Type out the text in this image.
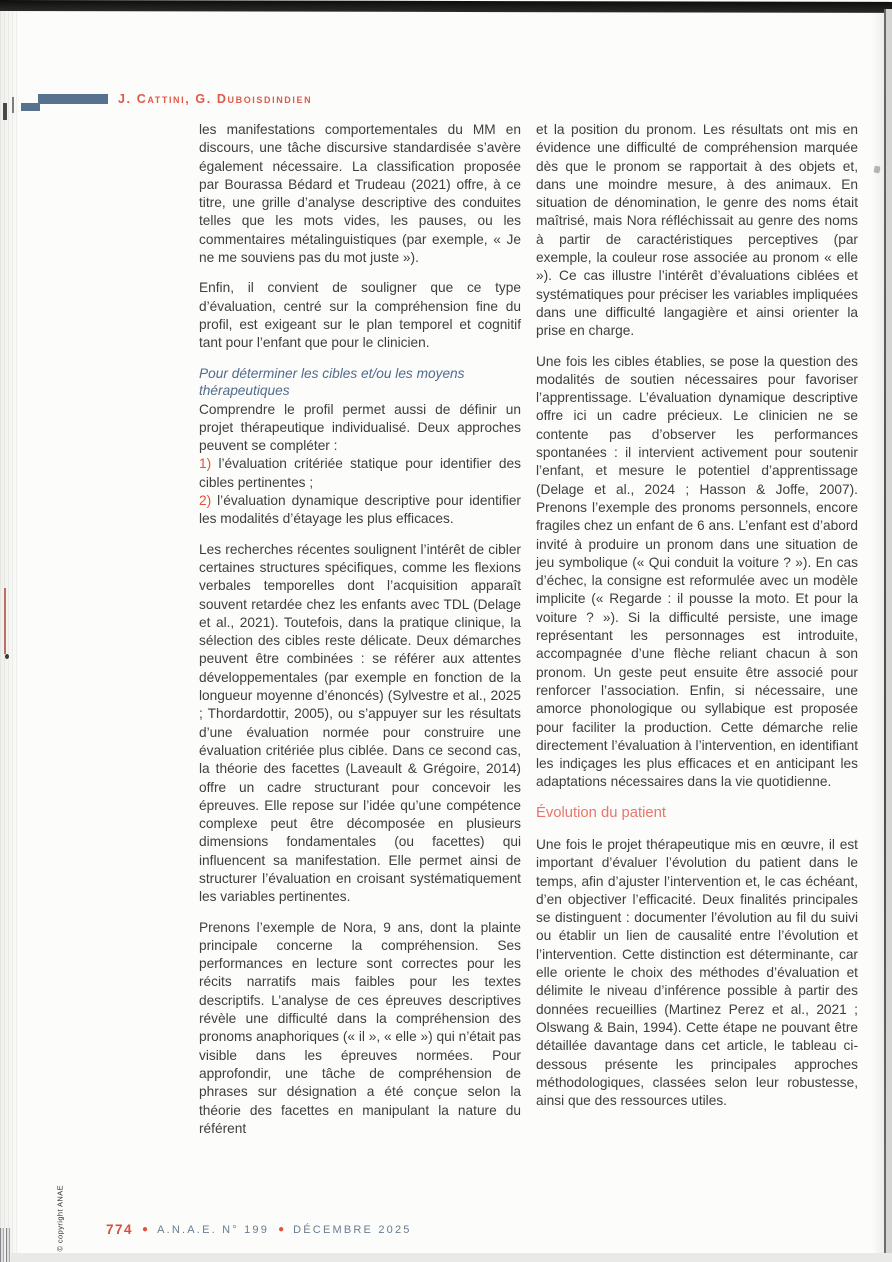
J. Cattini, G. Duboisdindien
les manifestations comportementales du MM en discours, une tâche discursive standardisée s’avère également nécessaire. La classification proposée par Bourassa Bédard et Trudeau (2021) offre, à ce titre, une grille d’analyse descriptive des conduites telles que les mots vides, les pauses, ou les commentaires métalinguistiques (par exemple, « Je ne me souviens pas du mot juste »).
Enfin, il convient de souligner que ce type d’évaluation, centré sur la compréhension fine du profil, est exigeant sur le plan temporel et cognitif tant pour l’enfant que pour le clinicien.
Pour déterminer les cibles et/ou les moyens thérapeutiques
Comprendre le profil permet aussi de définir un projet thérapeutique individualisé. Deux approches peuvent se compléter :
1) l’évaluation critériée statique pour identifier des cibles pertinentes ;
2) l’évaluation dynamique descriptive pour identifier les modalités d’étayage les plus efficaces.
Les recherches récentes soulignent l’intérêt de cibler certaines structures spécifiques, comme les flexions verbales temporelles dont l’acquisition apparaît souvent retardée chez les enfants avec TDL (Delage et al., 2021). Toutefois, dans la pratique clinique, la sélection des cibles reste délicate. Deux démarches peuvent être combinées : se référer aux attentes développementales (par exemple en fonction de la longueur moyenne d’énoncés) (Sylvestre et al., 2025 ; Thordardottir, 2005), ou s’appuyer sur les résultats d’une évaluation normée pour construire une évaluation critériée plus ciblée. Dans ce second cas, la théorie des facettes (Laveault & Grégoire, 2014) offre un cadre structurant pour concevoir les épreuves. Elle repose sur l’idée qu’une compétence complexe peut être décomposée en plusieurs dimensions fondamentales (ou facettes) qui influencent sa manifestation. Elle permet ainsi de structurer l’évaluation en croisant systématiquement les variables pertinentes.
Prenons l’exemple de Nora, 9 ans, dont la plainte principale concerne la compréhension. Ses performances en lecture sont correctes pour les récits narratifs mais faibles pour les textes descriptifs. L’analyse de ces épreuves descriptives révèle une difficulté dans la compréhension des pronoms anaphoriques (« il », « elle ») qui n’était pas visible dans les épreuves normées. Pour approfondir, une tâche de compréhension de phrases sur désignation a été conçue selon la théorie des facettes en manipulant la nature du référent
et la position du pronom. Les résultats ont mis en évidence une difficulté de compréhension marquée dès que le pronom se rapportait à des objets et, dans une moindre mesure, à des animaux. En situation de dénomination, le genre des noms était maîtrisé, mais Nora réfléchissait au genre des noms à partir de caractéristiques perceptives (par exemple, la couleur rose associée au pronom « elle »). Ce cas illustre l’intérêt d’évaluations ciblées et systématiques pour préciser les variables impliquées dans une difficulté langagière et ainsi orienter la prise en charge.
Une fois les cibles établies, se pose la question des modalités de soutien nécessaires pour favoriser l’apprentissage. L’évaluation dynamique descriptive offre ici un cadre précieux. Le clinicien ne se contente pas d’observer les performances spontanées : il intervient activement pour soutenir l’enfant, et mesure le potentiel d’apprentissage (Delage et al., 2024 ; Hasson & Joffe, 2007). Prenons l’exemple des pronoms personnels, encore fragiles chez un enfant de 6 ans. L’enfant est d’abord invité à produire un pronom dans une situation de jeu symbolique (« Qui conduit la voiture ? »). En cas d’échec, la consigne est reformulée avec un modèle implicite (« Regarde : il pousse la moto. Et pour la voiture ? »). Si la difficulté persiste, une image représentant les personnages est introduite, accompagnée d’une flèche reliant chacun à son pronom. Un geste peut ensuite être associé pour renforcer l’association. Enfin, si nécessaire, une amorce phonologique ou syllabique est proposée pour faciliter la production. Cette démarche relie directement l’évaluation à l’intervention, en identifiant les indiçages les plus efficaces et en anticipant les adaptations nécessaires dans la vie quotidienne.
Évolution du patient
Une fois le projet thérapeutique mis en œuvre, il est important d’évaluer l’évolution du patient dans le temps, afin d’ajuster l’intervention et, le cas échéant, d’en objectiver l’efficacité. Deux finalités principales se distinguent : documenter l’évolution au fil du suivi ou établir un lien de causalité entre l’évolution et l’intervention. Cette distinction est déterminante, car elle oriente le choix des méthodes d’évaluation et délimite le niveau d’inférence possible à partir des données recueillies (Martinez Perez et al., 2021 ; Olswang & Bain, 1994). Cette étape ne pouvant être détaillée davantage dans cet article, le tableau ci-dessous présente les principales approches méthodologiques, classées selon leur robustesse, ainsi que des ressources utiles.
774 ● A.N.A.E. N° 199 ● DÉCEMBRE 2025
© copyright ANAE
